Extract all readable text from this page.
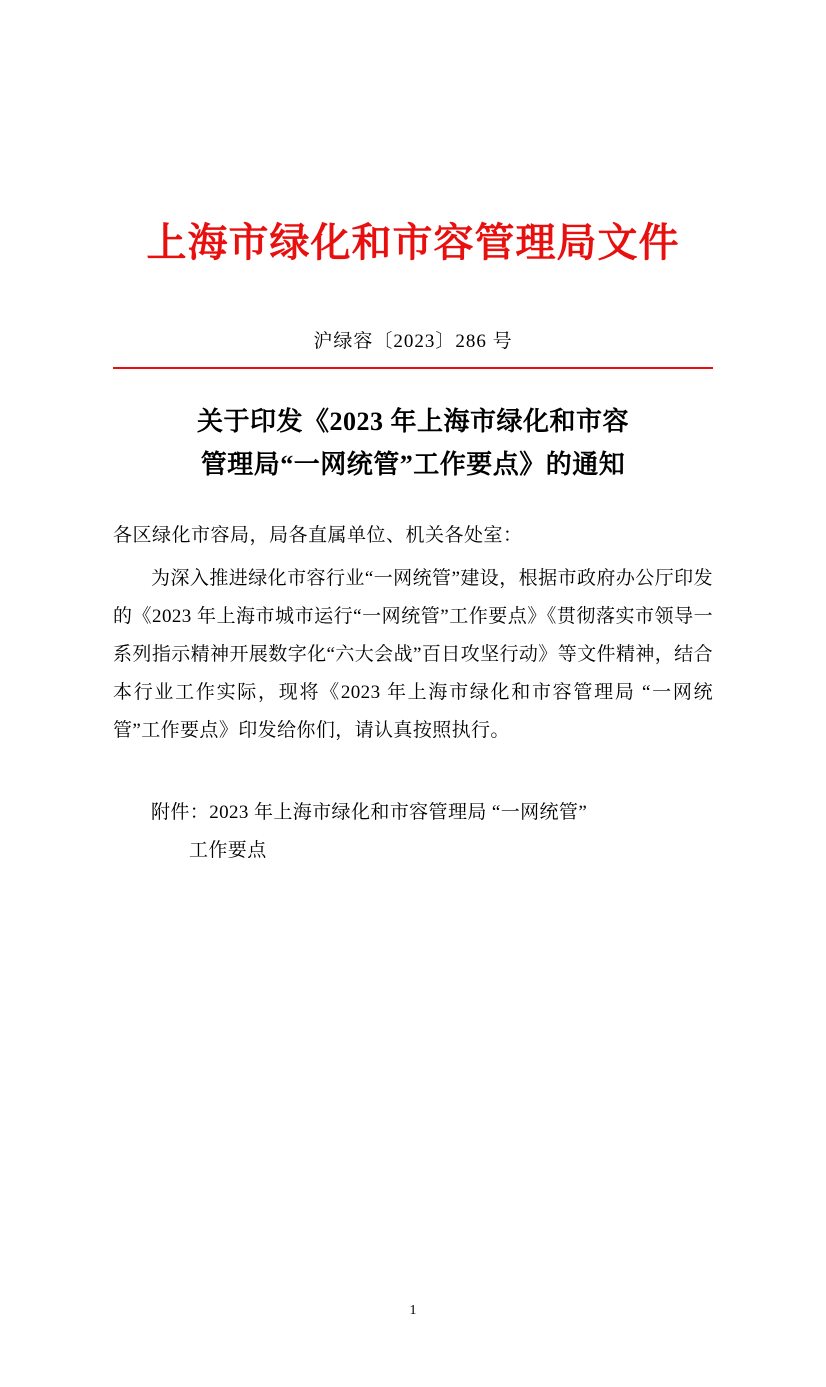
上海市绿化和市容管理局文件
沪绿容〔2023〕286 号
关于印发《2023 年上海市绿化和市容
管理局“一网统管”工作要点》的通知
各区绿化市容局，局各直属单位、机关各处室：
为深入推进绿化市容行业“一网统管”建设，根据市政府办公厅印发的《2023 年上海市城市运行“一网统管”工作要点》《贯彻落实市领导一系列指示精神开展数字化“六大会战”百日攻坚行动》等文件精神，结合本行业工作实际，现将《2023 年上海市绿化和市容管理局 “一网统管”工作要点》印发给你们，请认真按照执行。
附件：2023 年上海市绿化和市容管理局 “一网统管”
工作要点
1
